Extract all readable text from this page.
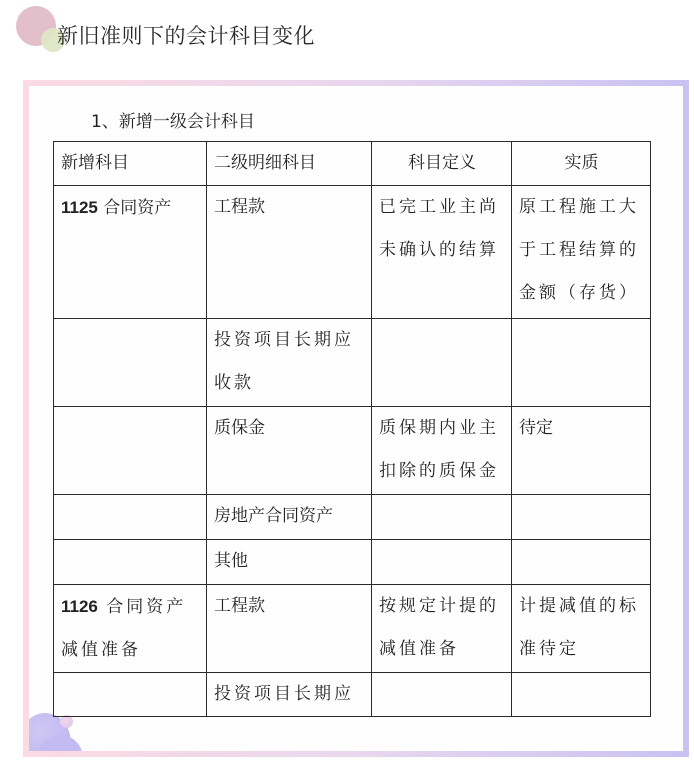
新旧准则下的会计科目变化
1、新增一级会计科目
新增科目	二级明细科目	科目定义	实质
1125 合同资产	工程款	已完工业主尚未确认的结算	原工程施工大于工程结算的金额（存货）
	投资项目长期应收款		
	质保金	质保期内业主扣除的质保金	待定
	房地产合同资产		
	其他		
1126 合同资产减值准备	工程款	按规定计提的减值准备	计提减值的标准待定
	投资项目长期应		
